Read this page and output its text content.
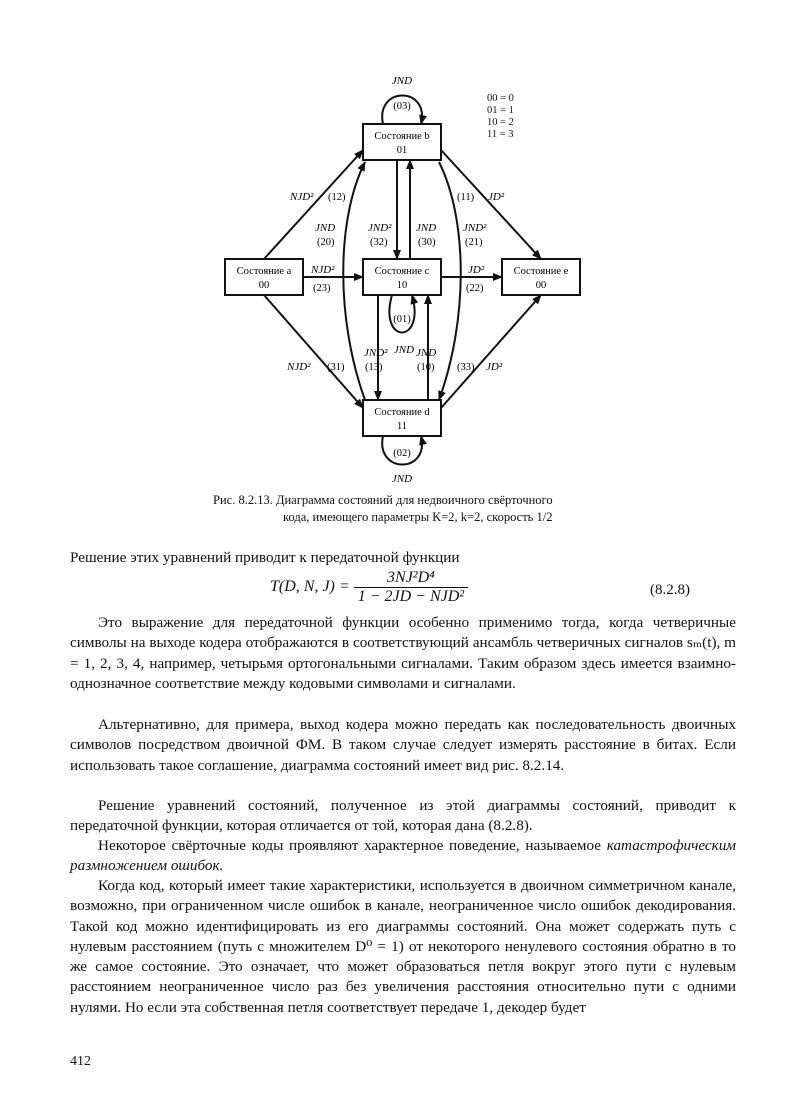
00 = 0
01 = 1
10 = 2
11 = 3
Состояние b
01
Состояние a
00
Состояние c
10
Состояние e
00
Состояние d
11
JND
(03)
(01)
JND
(02)
JND
NJD² (12)
NJD²
(23)
NJD² (31)
JND
(20)
JND²
(32)
JND
(30)
JND²
(21)
(11) JD²
JD²
(22)
JND²
(13)
JND
(10) (33) JD²
Рис. 8.2.13. Диаграмма состояний для недвоичного свёрточного
кода, имеющего параметры K=2, k=2, скорость 1/2
Решение этих уравнений приводит к передаточной функции
T(D, N, $J) = \frac{\text{3NJ²D⁴}}{\text{1 − 2JD − NJD²}}$	(8.2.8)
Это выражение для передаточной функции особенно применимо тогда, когда четверичные символы на выходе кодера отображаются в соответствующий ансамбль четверичных сигналов sₘ(t), m = 1, 2, 3, 4, например, четырьмя ортогональными сигналами. Таким образом здесь имеется взаимно-однозначное соответствие между кодовыми символами и сигналами.
Альтернативно, для примера, выход кодера можно передать как последовательность двоичных символов посредством двоичной ФМ. В таком случае следует измерять расстояние в битах. Если использовать такое соглашение, диаграмма состояний имеет вид рис. 8.2.14.
Решение уравнений состояний, полученное из этой диаграммы состояний, приводит к передаточной функции, которая отличается от той, которая дана (8.2.8).
Некоторое свёрточные коды проявляют характерное поведение, называемое катастрофическим размножением ошибок.
Когда код, который имеет такие характеристики, используется в двоичном симметричном канале, возможно, при ограниченном числе ошибок в канале, неограниченное число ошибок декодирования. Такой код можно идентифицировать из его диаграммы состояний. Она может содержать путь с нулевым расстоянием (путь с множителем D⁰ = 1) от некоторого ненулевого состояния обратно в то же самое состояние. Это означает, что может образоваться петля вокруг этого пути с нулевым расстоянием неограниченное число раз без увеличения расстояния относительно пути с одними нулями. Но если эта собственная петля соответствует передаче 1, декодер будет
412
